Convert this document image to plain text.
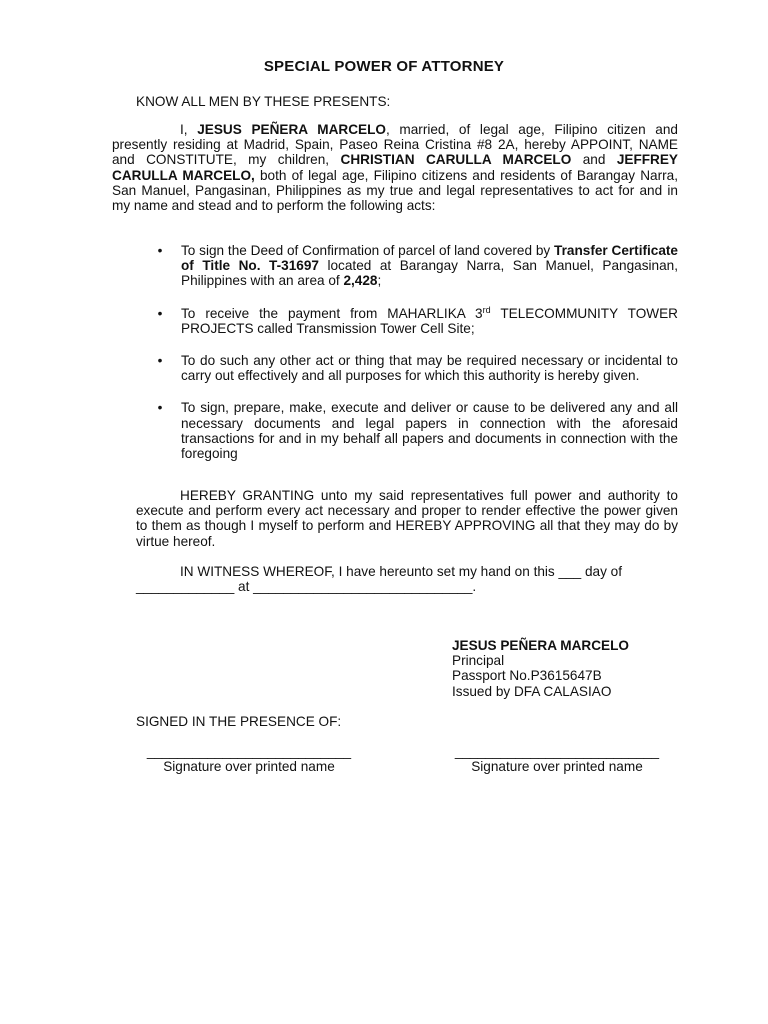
SPECIAL POWER OF ATTORNEY
KNOW ALL MEN BY THESE PRESENTS:
I, JESUS PEÑERA MARCELO, married, of legal age, Filipino citizen and presently residing at Madrid, Spain, Paseo Reina Cristina #8 2A, hereby APPOINT, NAME and CONSTITUTE, my children, CHRISTIAN CARULLA MARCELO and JEFFREY CARULLA MARCELO, both of legal age, Filipino citizens and residents of Barangay Narra, San Manuel, Pangasinan, Philippines as my true and legal representatives to act for and in my name and stead and to perform the following acts:
• To sign the Deed of Confirmation of parcel of land covered by Transfer Certificate of Title No. T-31697 located at Barangay Narra, San Manuel, Pangasinan, Philippines with an area of 2,428;
• To receive the payment from MAHARLIKA 3rd TELECOMMUNITY TOWER PROJECTS called Transmission Tower Cell Site;
• To do such any other act or thing that may be required necessary or incidental to carry out effectively and all purposes for which this authority is hereby given.
• To sign, prepare, make, execute and deliver or cause to be delivered any and all necessary documents and legal papers in connection with the aforesaid transactions for and in my behalf all papers and documents in connection with the foregoing
HEREBY GRANTING unto my said representatives full power and authority to execute and perform every act necessary and proper to render effective the power given to them as though I myself to perform and HEREBY APPROVING all that they may do by virtue hereof.
IN WITNESS WHEREOF, I have hereunto set my hand on this ___ day of
_____________ at _____________________________.
JESUS PEÑERA MARCELO
Principal
Passport No.P3615647B
Issued by DFA CALASIAO
SIGNED IN THE PRESENCE OF:
___________________________
Signature over printed name
___________________________
Signature over printed name
